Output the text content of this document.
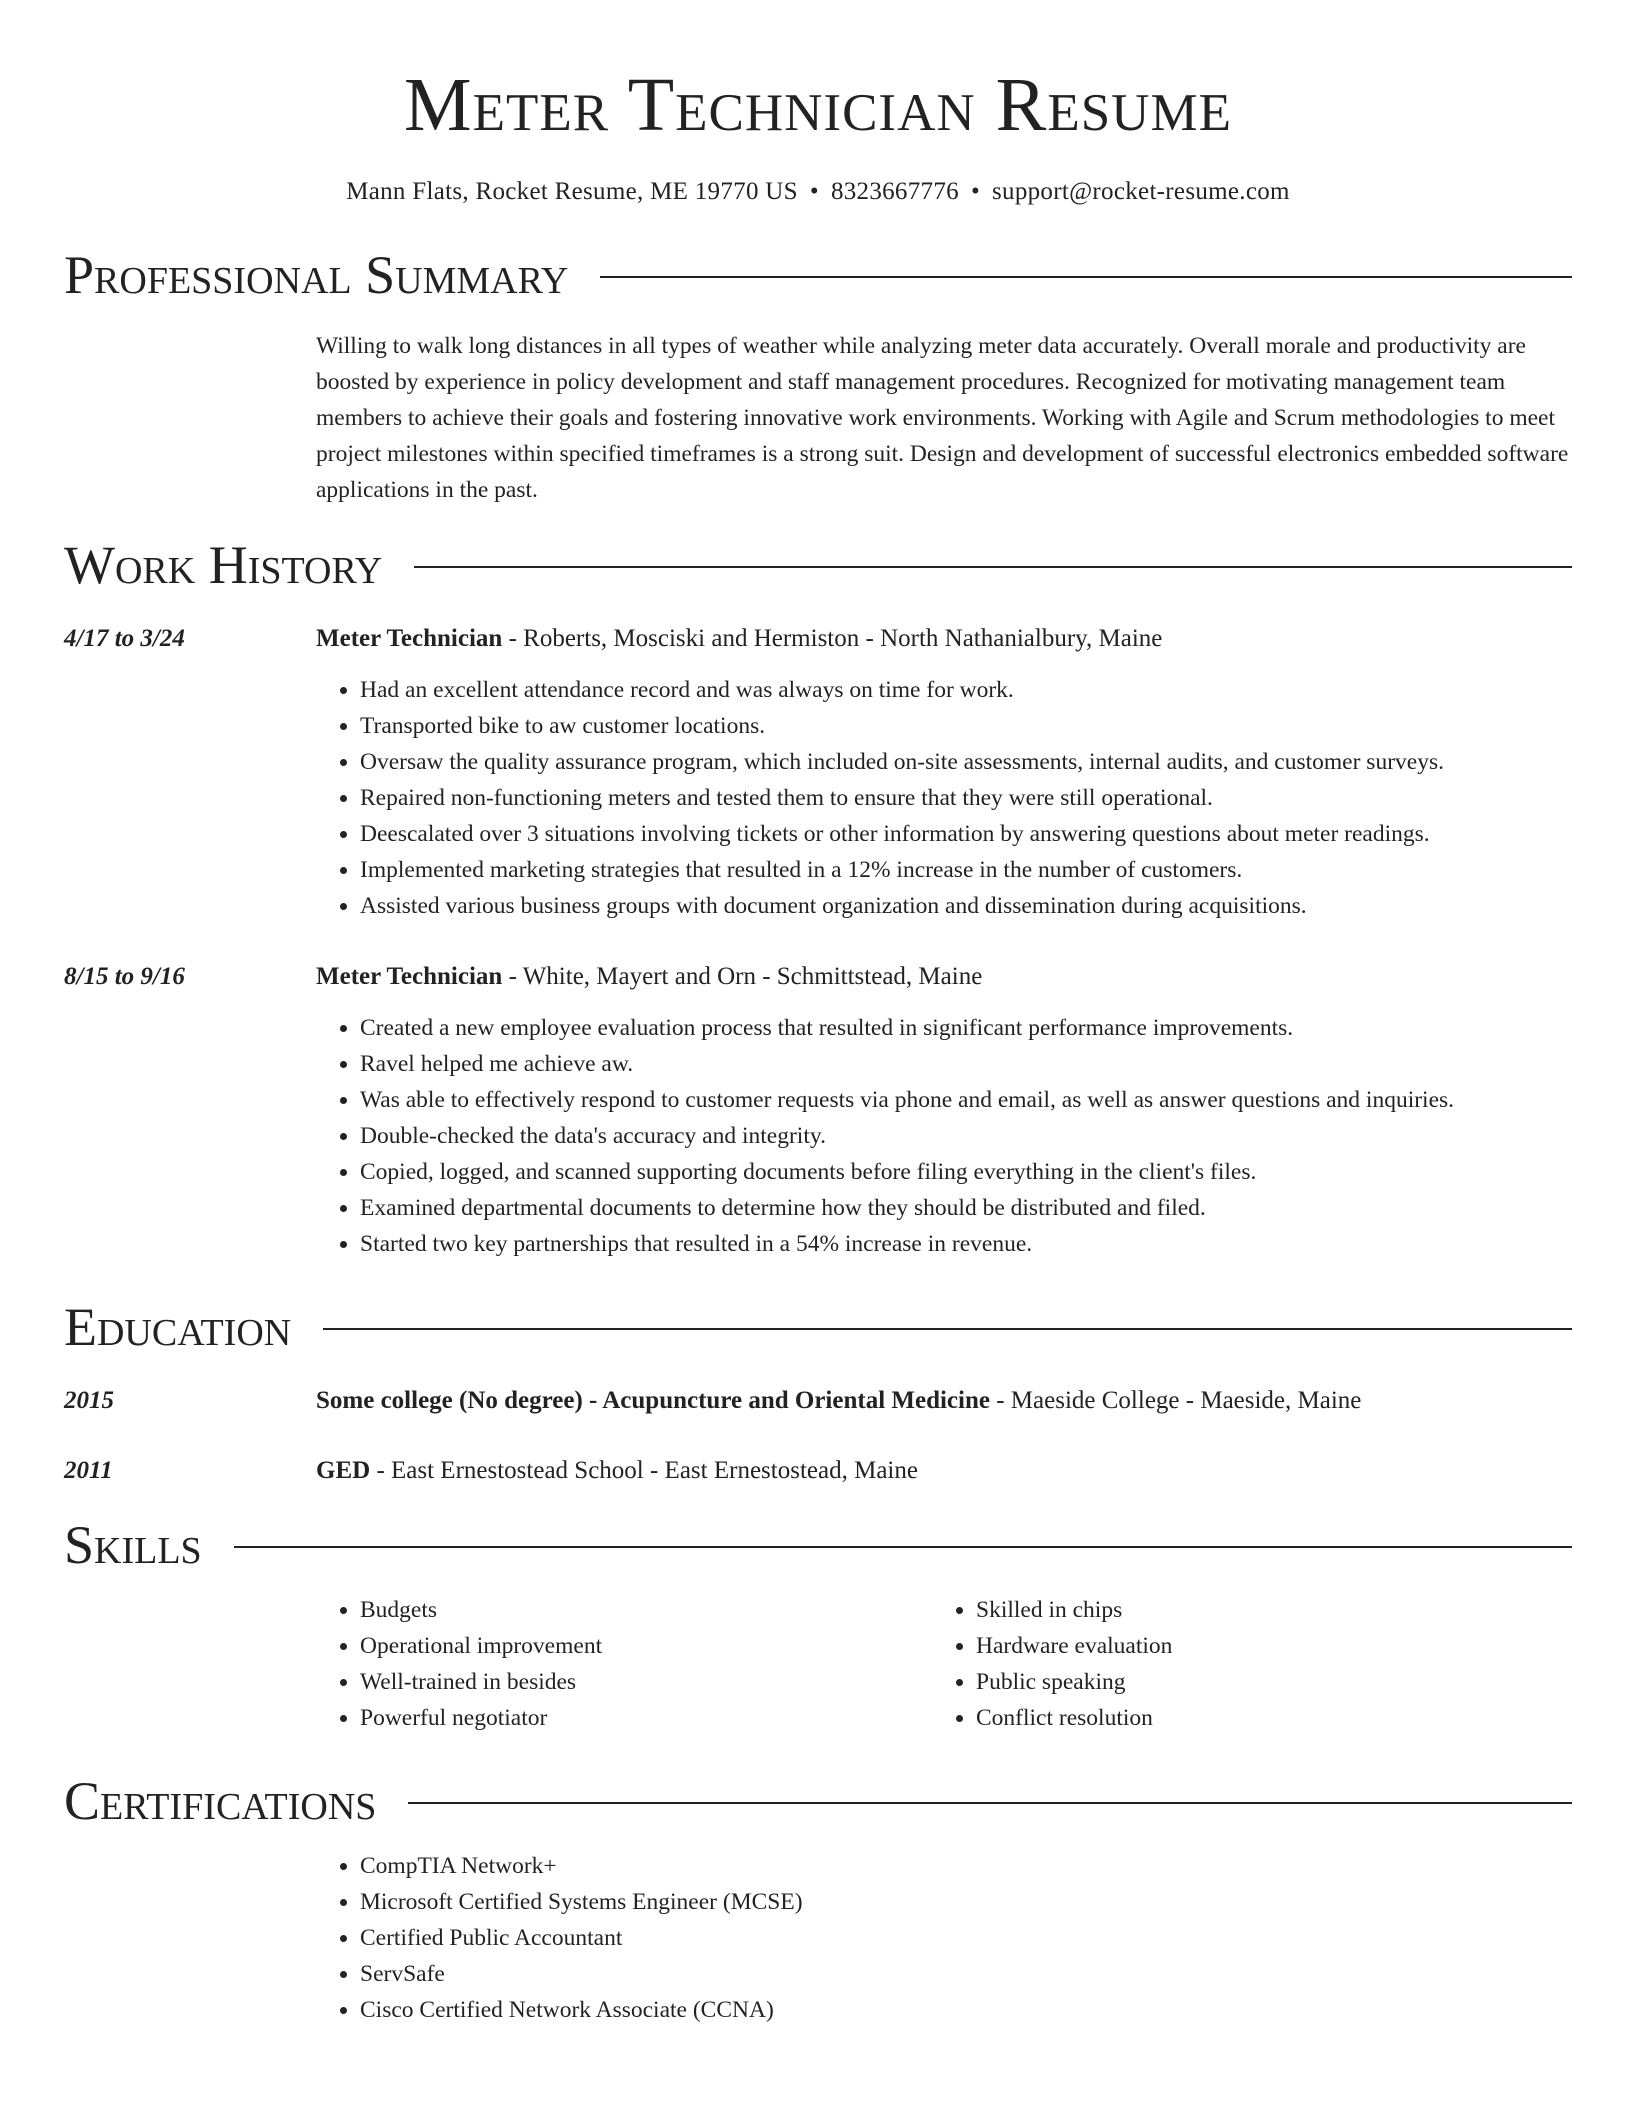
Meter Technician Resume
Mann Flats, Rocket Resume, ME 19770 US • 8323667776 • support@rocket-resume.com
Professional Summary
Willing to walk long distances in all types of weather while analyzing meter data accurately. Overall morale and productivity are boosted by experience in policy development and staff management procedures. Recognized for motivating management team members to achieve their goals and fostering innovative work environments. Working with Agile and Scrum methodologies to meet project milestones within specified timeframes is a strong suit. Design and development of successful electronics embedded software applications in the past.
Work History
4/17 to 3/24	Meter Technician - Roberts, Mosciski and Hermiston - North Nathanialbury, Maine
• Had an excellent attendance record and was always on time for work.
• Transported bike to aw customer locations.
• Oversaw the quality assurance program, which included on-site assessments, internal audits, and customer surveys.
• Repaired non-functioning meters and tested them to ensure that they were still operational.
• Deescalated over 3 situations involving tickets or other information by answering questions about meter readings.
• Implemented marketing strategies that resulted in a 12% increase in the number of customers.
• Assisted various business groups with document organization and dissemination during acquisitions.
8/15 to 9/16	Meter Technician - White, Mayert and Orn - Schmittstead, Maine
• Created a new employee evaluation process that resulted in significant performance improvements.
• Ravel helped me achieve aw.
• Was able to effectively respond to customer requests via phone and email, as well as answer questions and inquiries.
• Double-checked the data's accuracy and integrity.
• Copied, logged, and scanned supporting documents before filing everything in the client's files.
• Examined departmental documents to determine how they should be distributed and filed.
• Started two key partnerships that resulted in a 54% increase in revenue.
Education
2015	Some college (No degree) - Acupuncture and Oriental Medicine - Maeside College - Maeside, Maine
2011	GED - East Ernestostead School - East Ernestostead, Maine
Skills
• Budgets
• Operational improvement
• Well-trained in besides
• Powerful negotiator
• Skilled in chips
• Hardware evaluation
• Public speaking
• Conflict resolution
Certifications
• CompTIA Network+
• Microsoft Certified Systems Engineer (MCSE)
• Certified Public Accountant
• ServSafe
• Cisco Certified Network Associate (CCNA)
